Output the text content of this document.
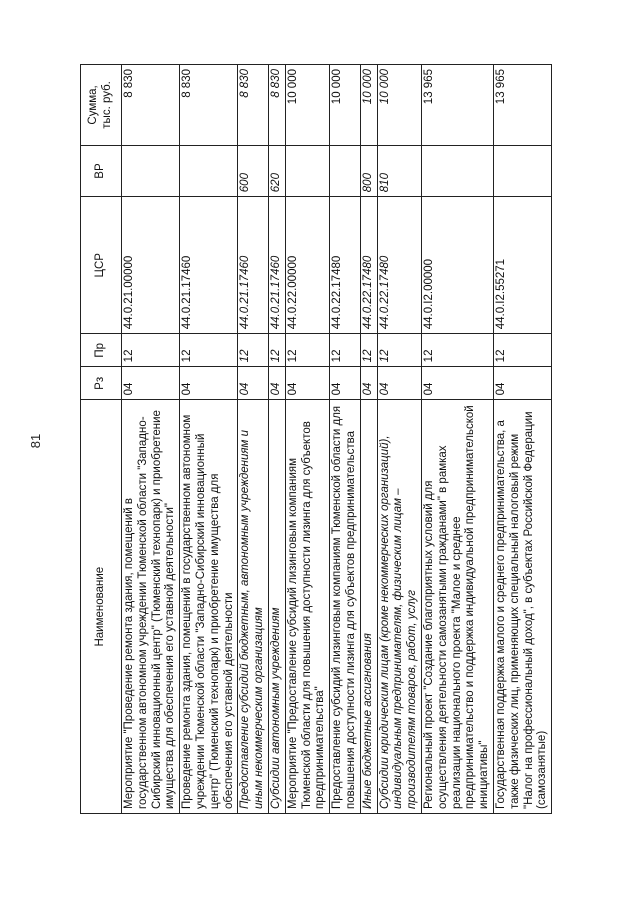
81
Наименование	Рз	Пр	ЦСР	ВР	Сумма, тыс. руб.

Мероприятие "Проведение ремонта здания, помещений в государственном автономном учреждении Тюменской области "Западно-Сибирский инновационный центр" (Тюменский технопарк) и приобретение имущества для обеспечения его уставной деятельности"	04	12	44.0.21.00000		8 830
Проведение ремонта здания, помещений в государственном автономном учреждении Тюменской области "Западно-Сибирский инновационный центр" (Тюменский технопарк) и приобретение имущества для обеспечения его уставной деятельности	04	12	44.0.21.17460		8 830
Предоставление субсидий бюджетным, автономным учреждениям и иным некоммерческим организациям	04	12	44.0.21.17460	600	8 830
Субсидии автономным учреждениям	04	12	44.0.21.17460	620	8 830
Мероприятие "Предоставление субсидий лизинговым компаниям Тюменской области для повышения доступности лизинга для субъектов предпринимательства"	04	12	44.0.22.00000		10 000
Предоставление субсидий лизинговым компаниям Тюменской области для повышения доступности лизинга для субъектов предпринимательства	04	12	44.0.22.17480		10 000
Иные бюджетные ассигнования	04	12	44.0.22.17480	800	10 000
Субсидии юридическим лицам (кроме некоммерческих организаций), индивидуальным предпринимателям, физическим лицам – производителям товаров, работ, услуг	04	12	44.0.22.17480	810	10 000
Региональный проект "Создание благоприятных условий для осуществления деятельности самозанятыми гражданами" в рамках реализации национального проекта "Малое и среднее предпринимательство и поддержка индивидуальной предпринимательской инициативы"	04	12	44.0.I2.00000		13 965
Государственная поддержка малого и среднего предпринимательства, а также физических лиц, применяющих специальный налоговый режим "Налог на профессиональный доход", в субъектах Российской Федерации (самозанятые)	04	12	44.0.I2.55271		13 965
